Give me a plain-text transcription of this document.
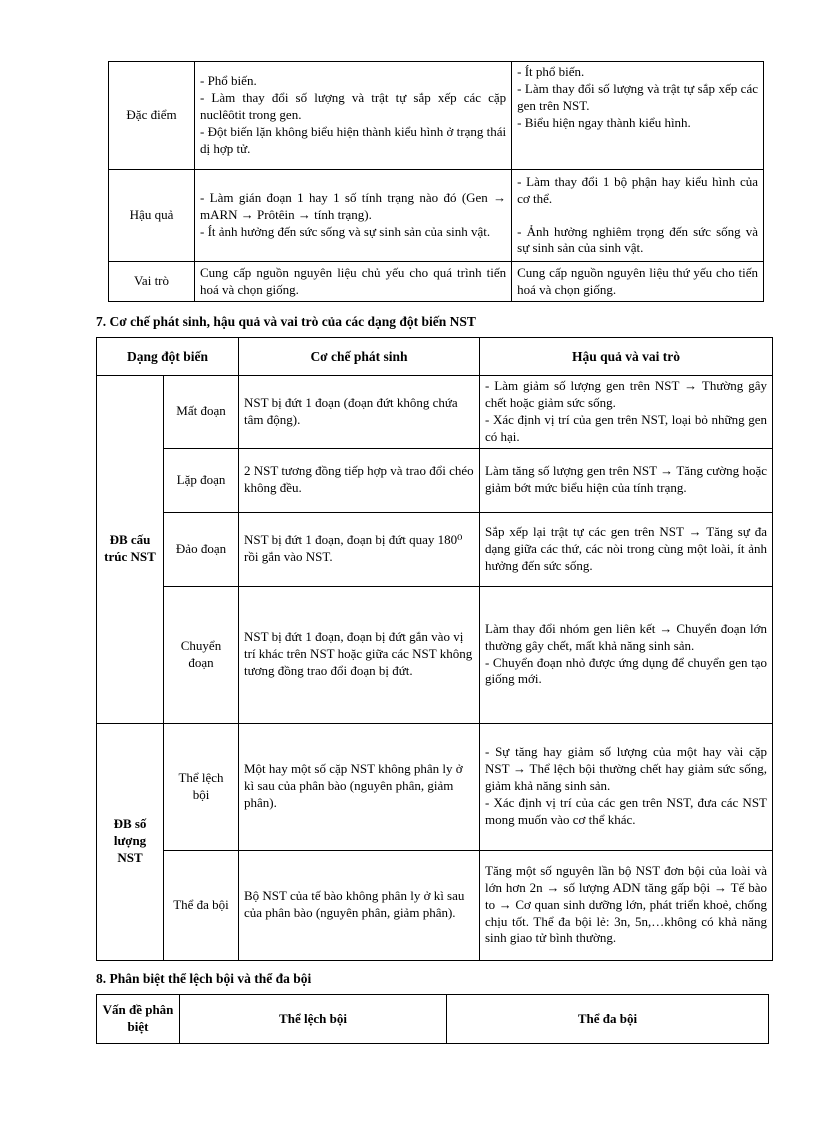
Đặc điểm	- Phổ biến.
- Làm thay đổi số lượng và trật tự sắp xếp các cặp nuclêôtit trong gen.
- Đột biến lặn không biểu hiện thành kiểu hình ở trạng thái dị hợp tử.	- Ít phổ biến.
- Làm thay đổi số lượng và trật tự sắp xếp các gen trên NST.
- Biểu hiện ngay thành kiểu hình.

Hậu quả	- Làm gián đoạn 1 hay 1 số tính trạng nào đó (Gen → mARN → Prôtêin → tính trạng).
- Ít ảnh hưởng đến sức sống và sự sinh sản của sinh vật.	- Làm thay đổi 1 bộ phận hay kiểu hình của cơ thể.
- Ảnh hưởng nghiêm trọng đến sức sống và sự sinh sản của sinh vật.

Vai trò	Cung cấp nguồn nguyên liệu chủ yếu cho quá trình tiến hoá và chọn giống.	Cung cấp nguồn nguyên liệu thứ yếu cho tiến hoá và chọn giống.
7. Cơ chế phát sinh, hậu quả và vai trò của các dạng đột biến NST
Dạng đột biến		Cơ chế phát sinh	Hậu quả và vai trò
ĐB cấu trúc NST	Mất đoạn	NST bị đứt 1 đoạn (đoạn đứt không chứa tâm động).	- Làm giảm số lượng gen trên NST → Thường gây chết hoặc giảm sức sống.
- Xác định vị trí của gen trên NST, loại bỏ những gen có hại.

	Lặp đoạn	2 NST tương đồng tiếp hợp và trao đổi chéo không đều.	Làm tăng số lượng gen trên NST → Tăng cường hoặc giảm bớt mức biểu hiện của tính trạng.
	Đảo đoạn	NST bị đứt 1 đoạn, đoạn bị đứt quay 180⁰ rồi gắn vào NST.	Sắp xếp lại trật tự các gen trên NST → Tăng sự đa dạng giữa các thứ, các nòi trong cùng một loài, ít ảnh hưởng đến sức sống.
	Chuyển đoạn	NST bị đứt 1 đoạn, đoạn bị đứt gắn vào vị trí khác trên NST hoặc giữa các NST không tương đồng trao đổi đoạn bị đứt.	Làm thay đổi nhóm gen liên kết → Chuyển đoạn lớn thường gây chết, mất khả năng sinh sản.
- Chuyển đoạn nhỏ được ứng dụng để chuyển gen tạo giống mới.

ĐB số lượng NST	Thể lệch bội	Một hay một số cặp NST không phân ly ở kì sau của phân bào (nguyên phân, giảm phân).	- Sự tăng hay giảm số lượng của một hay vài cặp NST → Thể lệch bội thường chết hay giảm sức sống, giảm khả năng sinh sản.
- Xác định vị trí của các gen trên NST, đưa các NST mong muốn vào cơ thể khác.

	Thể đa bội	Bộ NST của tế bào không phân ly ở kì sau của phân bào (nguyên phân, giảm phân).	Tăng một số nguyên lần bộ NST đơn bội của loài và lớn hơn 2n → số lượng ADN tăng gấp bội → Tế bào to → Cơ quan sinh dưỡng lớn, phát triển khoẻ, chống chịu tốt. Thể đa bội lẻ: 3n, 5n,…không có khả năng sinh giao tử bình thường.
8. Phân biệt thể lệch bội và thể đa bội
Vấn đề phân biệt	Thể lệch bội	Thể đa bội
